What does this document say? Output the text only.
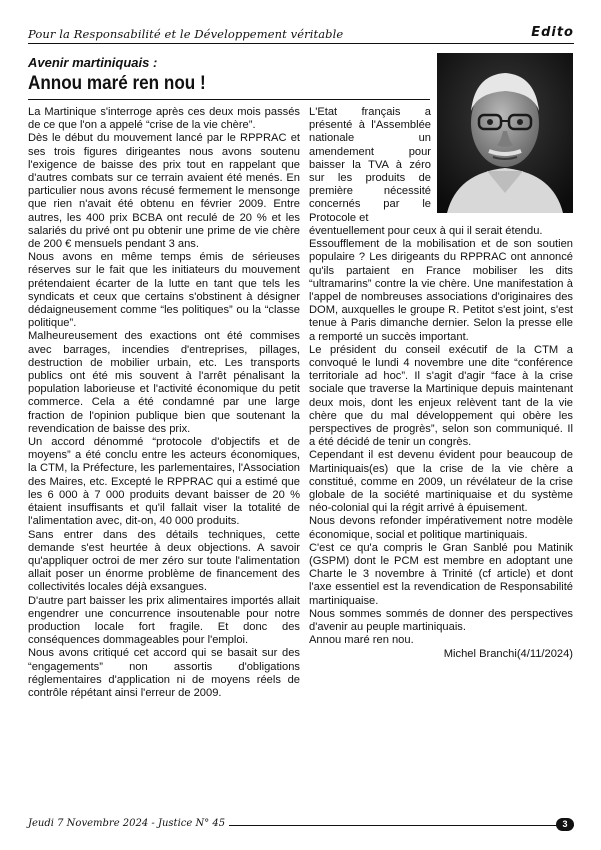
Pour la Responsabilité et le Développement véritable	Edito
Avenir martiniquais :
Annou maré ren nou !

La Martinique s'interroge après ces deux mois passés de ce que l'on a appelé “crise de la vie chère”.

Dès le début du mouvement lancé par le RPPRAC et ses trois figures dirigeantes nous avons soutenu l'exigence de baisse des prix tout en rappelant que d'autres combats sur ce terrain avaient été menés. En particulier nous avons récusé fermement le mensonge que rien n'avait été obtenu en février 2009. Entre autres, les 400 prix BCBA ont reculé de 20 % et les salariés du privé ont pu obtenir une prime de vie chère de 200 € mensuels pendant 3 ans.

Nous avons en même temps émis de sérieuses réserves sur le fait que les initiateurs du mouvement prétendaient écarter de la lutte en tant que tels les syndicats et ceux que certains s'obstinent à désigner dédaigneusement comme “les politiques” ou la “classe politique”.

Malheureusement des exactions ont été commises avec barrages, incendies d'entreprises, pillages, destruction de mobilier urbain, etc. Les transports publics ont été mis souvent à l'arrêt pénalisant la population laborieuse et l'activité économique du petit commerce. Cela a été condamné par une large fraction de l'opinion publique bien que soutenant la revendication de baisse des prix.

Un accord dénommé “protocole d'objectifs et de moyens” a été conclu entre les acteurs économiques, la CTM, la Préfecture, les parlementaires, l'Association des Maires, etc. Excepté le RPPRAC qui a estimé que les 6 000 à 7 000 produits devant baisser de 20 % étaient insuffisants et qu'il fallait viser la totalité de l'alimentation avec, dit-on, 40 000 produits.

Sans entrer dans des détails techniques, cette demande s'est heurtée à deux objections. A savoir qu'appliquer octroi de mer zéro sur toute l'alimentation allait poser un énorme problème de financement des collectivités locales déjà exsangues.

D'autre part baisser les prix alimentaires importés allait engendrer une concurrence insoutenable pour notre production locale fort fragile. Et donc des conséquences dommageables pour l'emploi.

Nous avons critiqué cet accord qui se basait sur des “engagements” non assortis d'obligations réglementaires d'application ni de moyens réels de contrôle répétant ainsi l'erreur de 2009.

L'Etat français a présenté à l'Assemblée nationale un amendement pour baisser la TVA à zéro sur les produits de première nécessité concernés par le Protocole et

éventuellement pour ceux à qui il serait étendu.

Essoufflement de la mobilisation et de son soutien populaire ? Les dirigeants du RPPRAC ont annoncé qu'ils partaient en France mobiliser les dits “ultramarins” contre la vie chère. Une manifestation à l'appel de nombreuses associations d'originaires des DOM, auxquelles le groupe R. Petitot s'est joint, s'est tenue à Paris dimanche dernier. Selon la presse elle a remporté un succès important.

Le président du conseil exécutif de la CTM a convoqué le lundi 4 novembre une dite “conférence territoriale ad hoc”. Il s'agit d'agir “face à la crise sociale que traverse la Martinique depuis maintenant deux mois, dont les enjeux relèvent tant de la vie chère que du mal développement qui obère les perspectives de progrès”, selon son communiqué. Il a été décidé de tenir un congrès.

Cependant il est devenu évident pour beaucoup de Martiniquais(es) que la crise de la vie chère a constitué, comme en 2009, un révélateur de la crise globale de la société martiniquaise et du système néo-colonial qui la régit arrivé à épuisement.

Nous devons refonder impérativement notre modèle économique, social et politique martiniquais.

C'est ce qu'a compris le Gran Sanblé pou Matinik (GSPM) dont le PCM est membre en adoptant une Charte le 3 novembre à Trinité (cf article) et dont l'axe essentiel est la revendication de Responsabilité martiniquaise.

Nous sommes sommés de donner des perspectives d'avenir au peuple martiniquais.

Annou maré ren nou.

Michel Branchi(4/11/2024)

Jeudi 7 Novembre 2024 - Justice N° 45	3
